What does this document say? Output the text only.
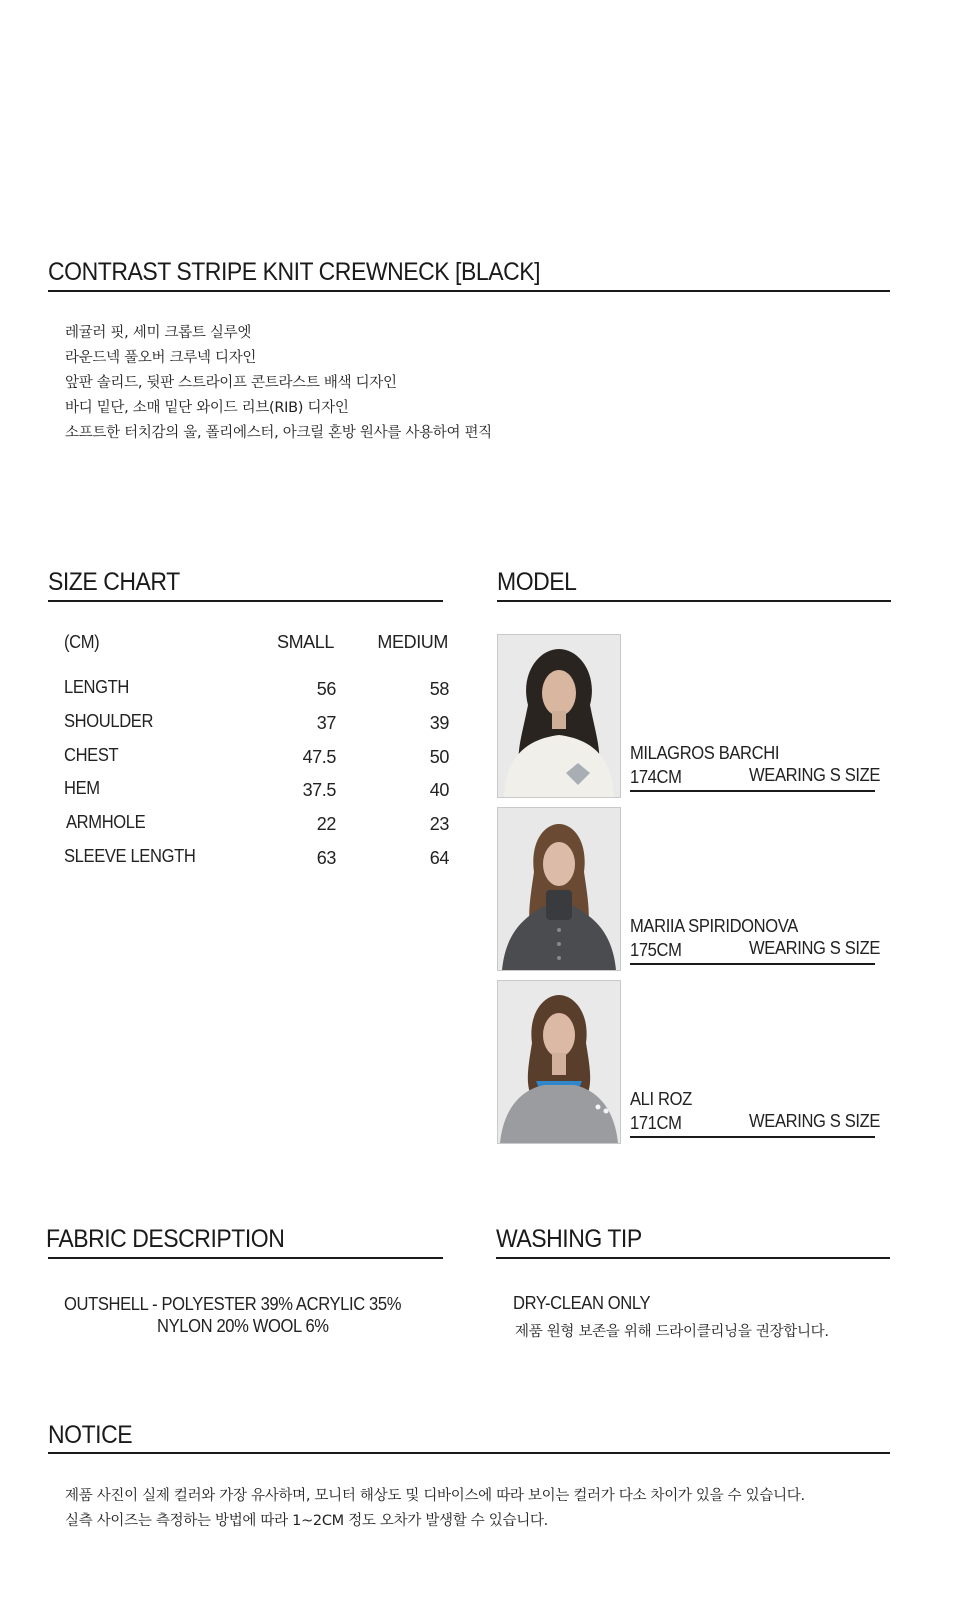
CONTRAST STRIPE KNIT CREWNECK [BLACK]
레귤러 핏, 세미 크롭트 실루엣
라운드넥 풀오버 크루넥 디자인
앞판 솔리드, 뒷판 스트라이프 콘트라스트 배색 디자인
바디 밑단, 소매 밑단 와이드 리브(RIB) 디자인
소프트한 터치감의 울, 폴리에스터, 아크릴 혼방 원사를 사용하여 편직
SIZE CHART
(CM)	SMALL	MEDIUM
LENGTH	56	58
SHOULDER	37	39
CHEST	47.5	50
HEM	37.5	40
ARMHOLE	22	23
SLEEVE LENGTH	63	64
MODEL
MILAGROS BARCHI
174CM	WEARING S SIZE
MARIIA SPIRIDONOVA
175CM	WEARING S SIZE
ALI ROZ
171CM	WEARING S SIZE
FABRIC DESCRIPTION
OUTSHELL - POLYESTER 39% ACRYLIC 35%
NYLON 20% WOOL 6%
WASHING TIP
DRY-CLEAN ONLY
제품 원형 보존을 위해 드라이클리닝을 권장합니다.
NOTICE
제품 사진이 실제 컬러와 가장 유사하며, 모니터 해상도 및 디바이스에 따라 보이는 컬러가 다소 차이가 있을 수 있습니다.
실측 사이즈는 측정하는 방법에 따라 1~2CM 정도 오차가 발생할 수 있습니다.
